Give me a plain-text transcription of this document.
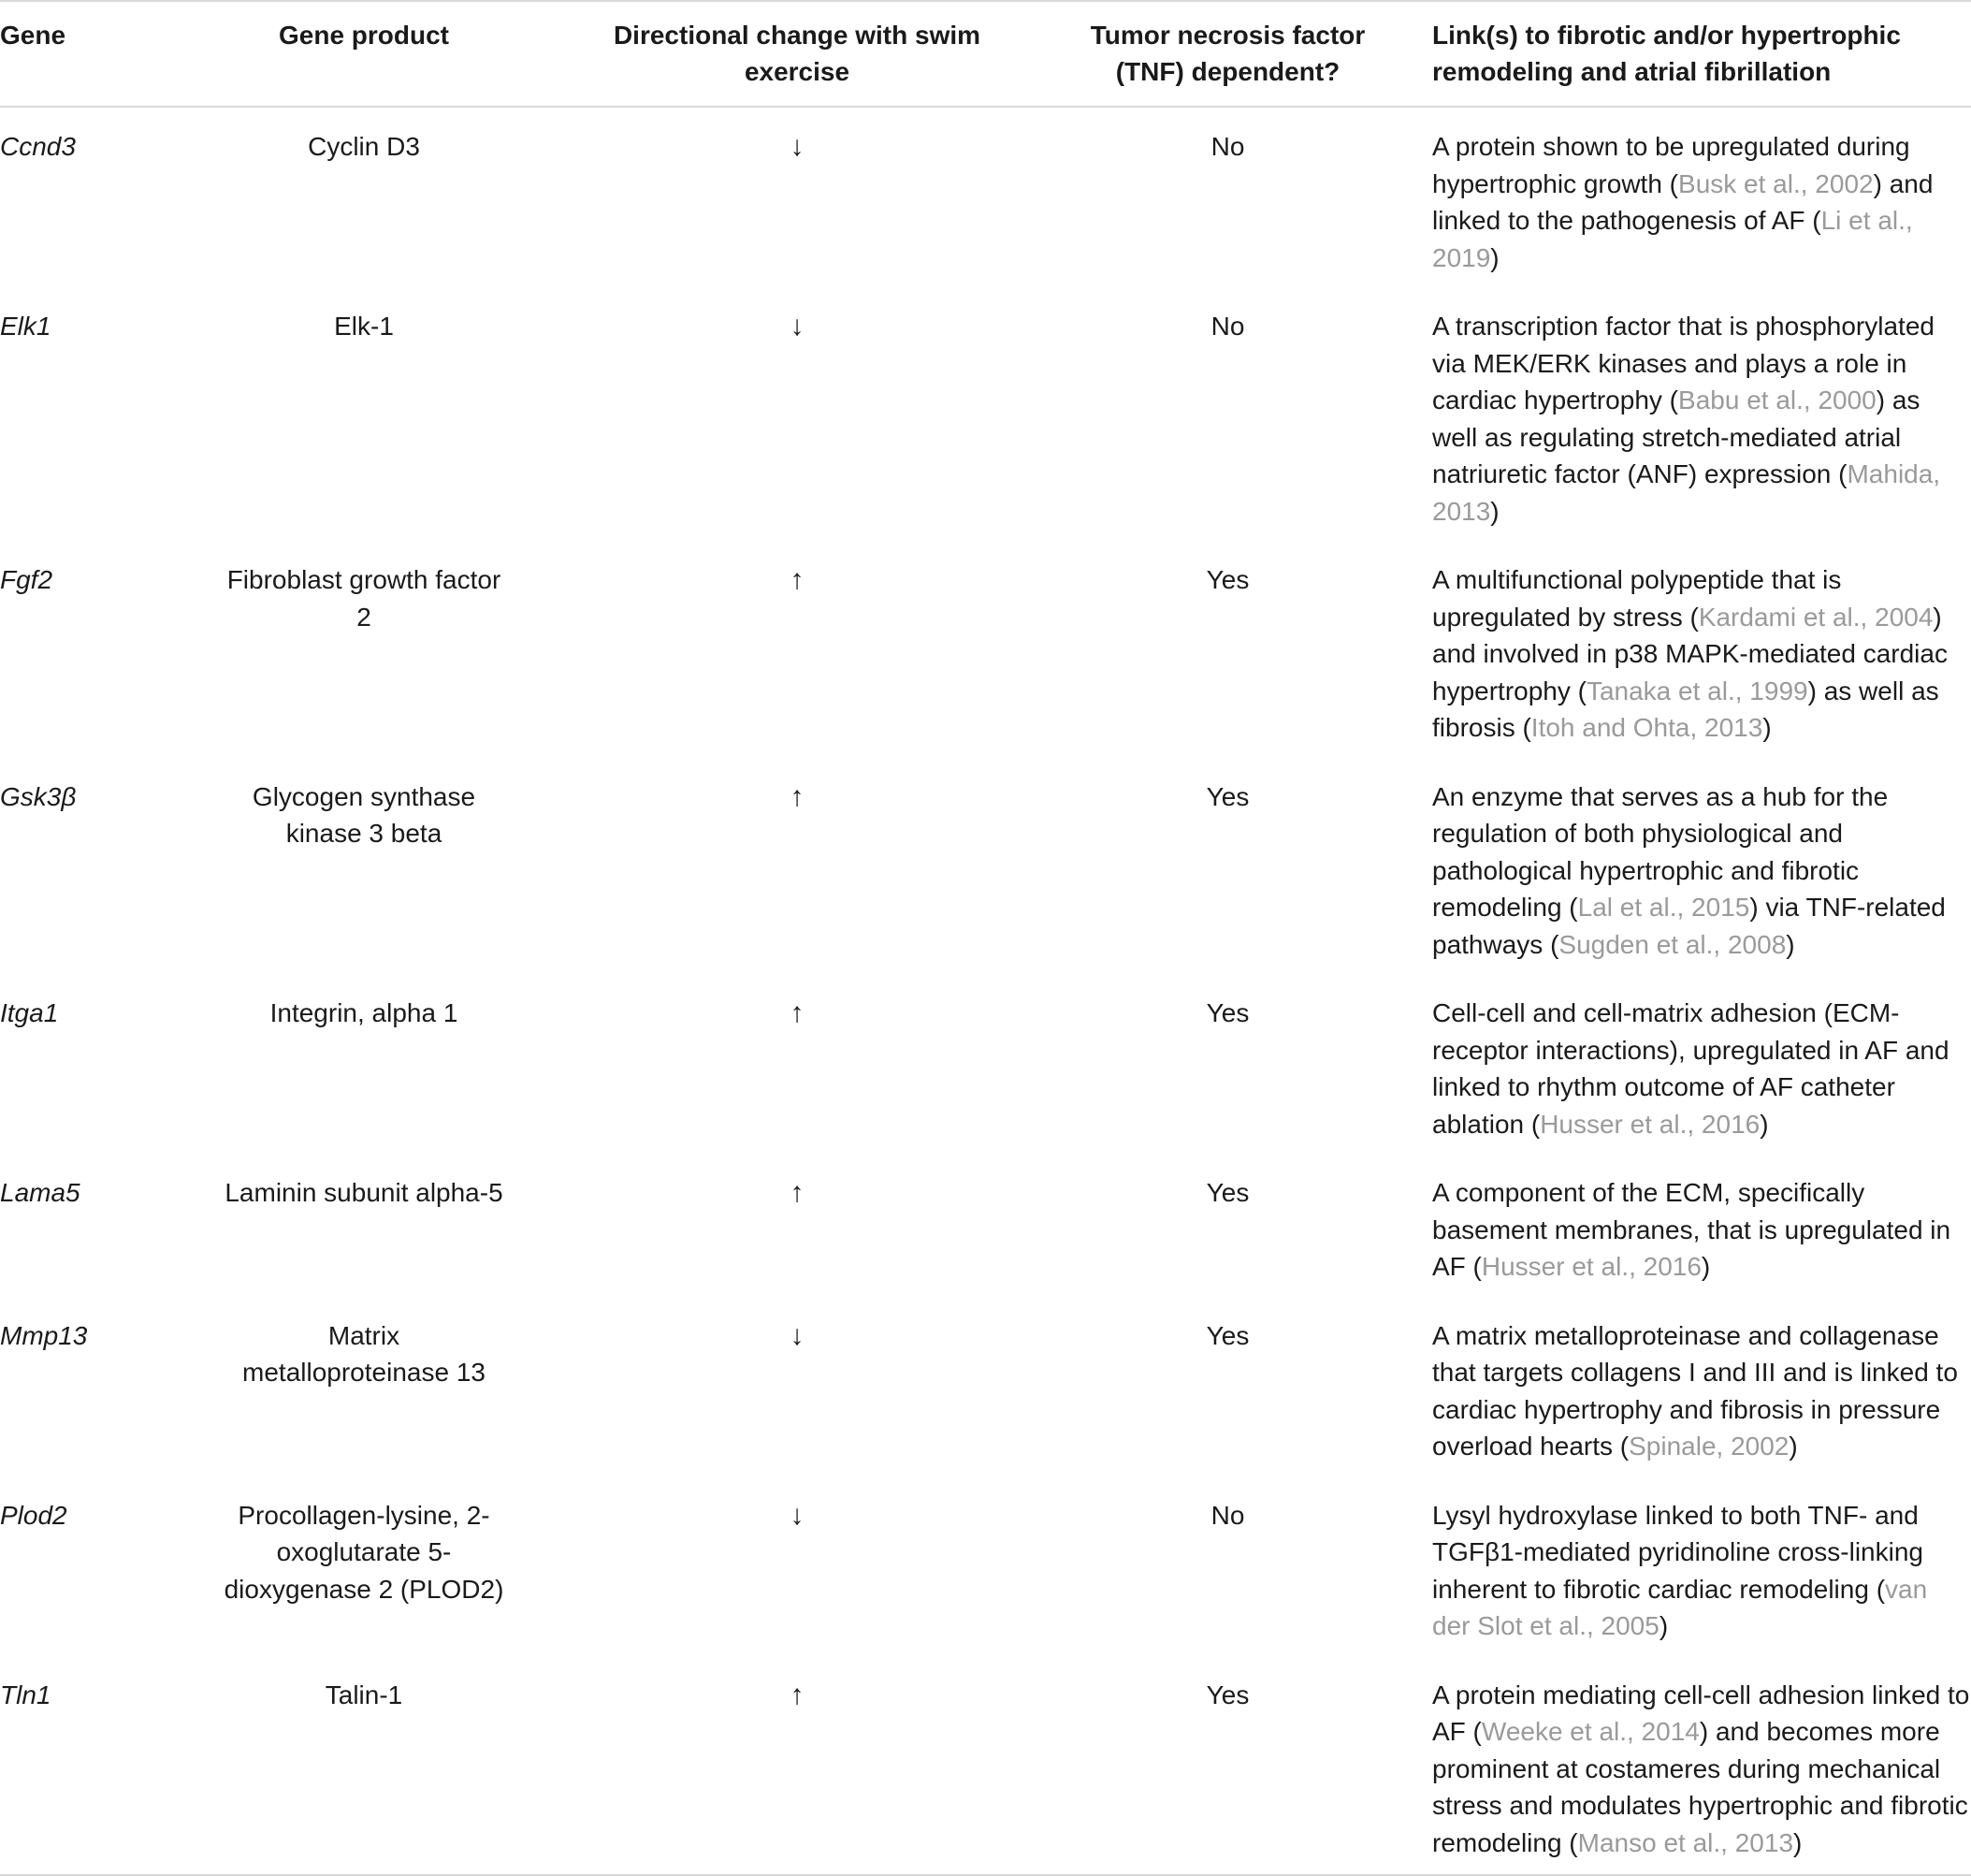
Gene	Gene product	Directional change with swim exercise	Tumor necrosis factor (TNF) dependent?	Link(s) to fibrotic and/or hypertrophic remodeling and atrial fibrillation
Ccnd3	Cyclin D3	↓	No	A protein shown to be upregulated during hypertrophic growth (Busk et al., 2002) and linked to the pathogenesis of AF (Li et al., 2019)
Elk1	Elk-1	↓	No	A transcription factor that is phosphorylated via MEK/ERK kinases and plays a role in cardiac hypertrophy (Babu et al., 2000) as well as regulating stretch-mediated atrial natriuretic factor (ANF) expression (Mahida, 2013)
Fgf2	Fibroblast growth factor 2	↑	Yes	A multifunctional polypeptide that is upregulated by stress (Kardami et al., 2004) and involved in p38 MAPK-mediated cardiac hypertrophy (Tanaka et al., 1999) as well as fibrosis (Itoh and Ohta, 2013)
Gsk3β	Glycogen synthase kinase 3 beta	↑	Yes	An enzyme that serves as a hub for the regulation of both physiological and pathological hypertrophic and fibrotic remodeling (Lal et al., 2015) via TNF-related pathways (Sugden et al., 2008)
Itga1	Integrin, alpha 1	↑	Yes	Cell-cell and cell-matrix adhesion (ECM-receptor interactions), upregulated in AF and linked to rhythm outcome of AF catheter ablation (Husser et al., 2016)
Lama5	Laminin subunit alpha-5	↑	Yes	A component of the ECM, specifically basement membranes, that is upregulated in AF (Husser et al., 2016)
Mmp13	Matrix metalloproteinase 13	↓	Yes	A matrix metalloproteinase and collagenase that targets collagens I and III and is linked to cardiac hypertrophy and fibrosis in pressure overload hearts (Spinale, 2002)
Plod2	Procollagen-lysine, 2-oxoglutarate 5-dioxygenase 2 (PLOD2)	↓	No	Lysyl hydroxylase linked to both TNF- and TGFβ1-mediated pyridinoline cross-linking inherent to fibrotic cardiac remodeling (van der Slot et al., 2005)
Tln1	Talin-1	↑	Yes	A protein mediating cell-cell adhesion linked to AF (Weeke et al., 2014) and becomes more prominent at costameres during mechanical stress and modulates hypertrophic and fibrotic remodeling (Manso et al., 2013)
